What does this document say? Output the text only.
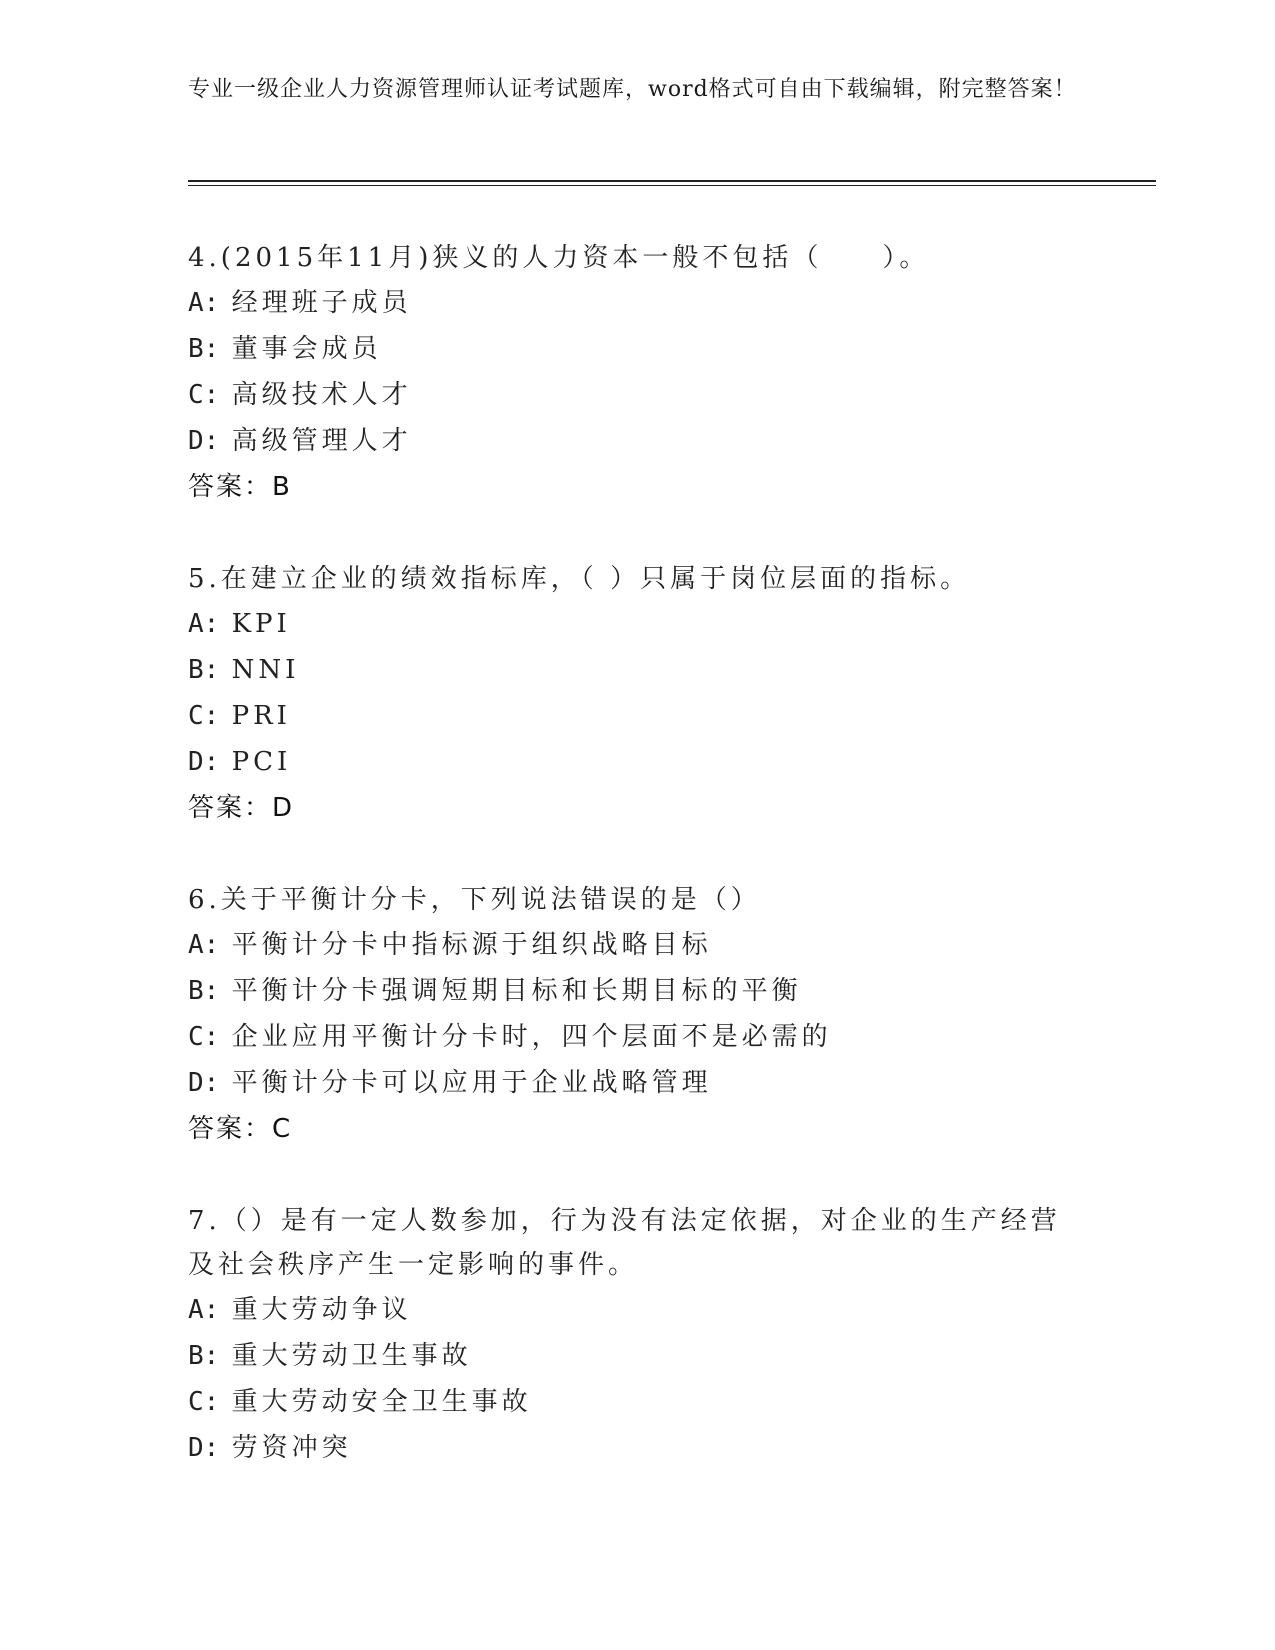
专业一级企业人力资源管理师认证考试题库，word格式可自由下载编辑，附完整答案！
4.(2015年11月)狭义的人力资本一般不包括（　　）。
A: 经理班子成员
B: 董事会成员
C: 高级技术人才
D: 高级管理人才
答案：B
5.在建立企业的绩效指标库，（ ）只属于岗位层面的指标。
A: KPI
B: NNI
C: PRI
D: PCI
答案：D
6.关于平衡计分卡，下列说法错误的是（）
A: 平衡计分卡中指标源于组织战略目标
B: 平衡计分卡强调短期目标和长期目标的平衡
C: 企业应用平衡计分卡时，四个层面不是必需的
D: 平衡计分卡可以应用于企业战略管理
答案：C
7.（）是有一定人数参加，行为没有法定依据，对企业的生产经营及社会秩序产生一定影响的事件。
A: 重大劳动争议
B: 重大劳动卫生事故
C: 重大劳动安全卫生事故
D: 劳资冲突
